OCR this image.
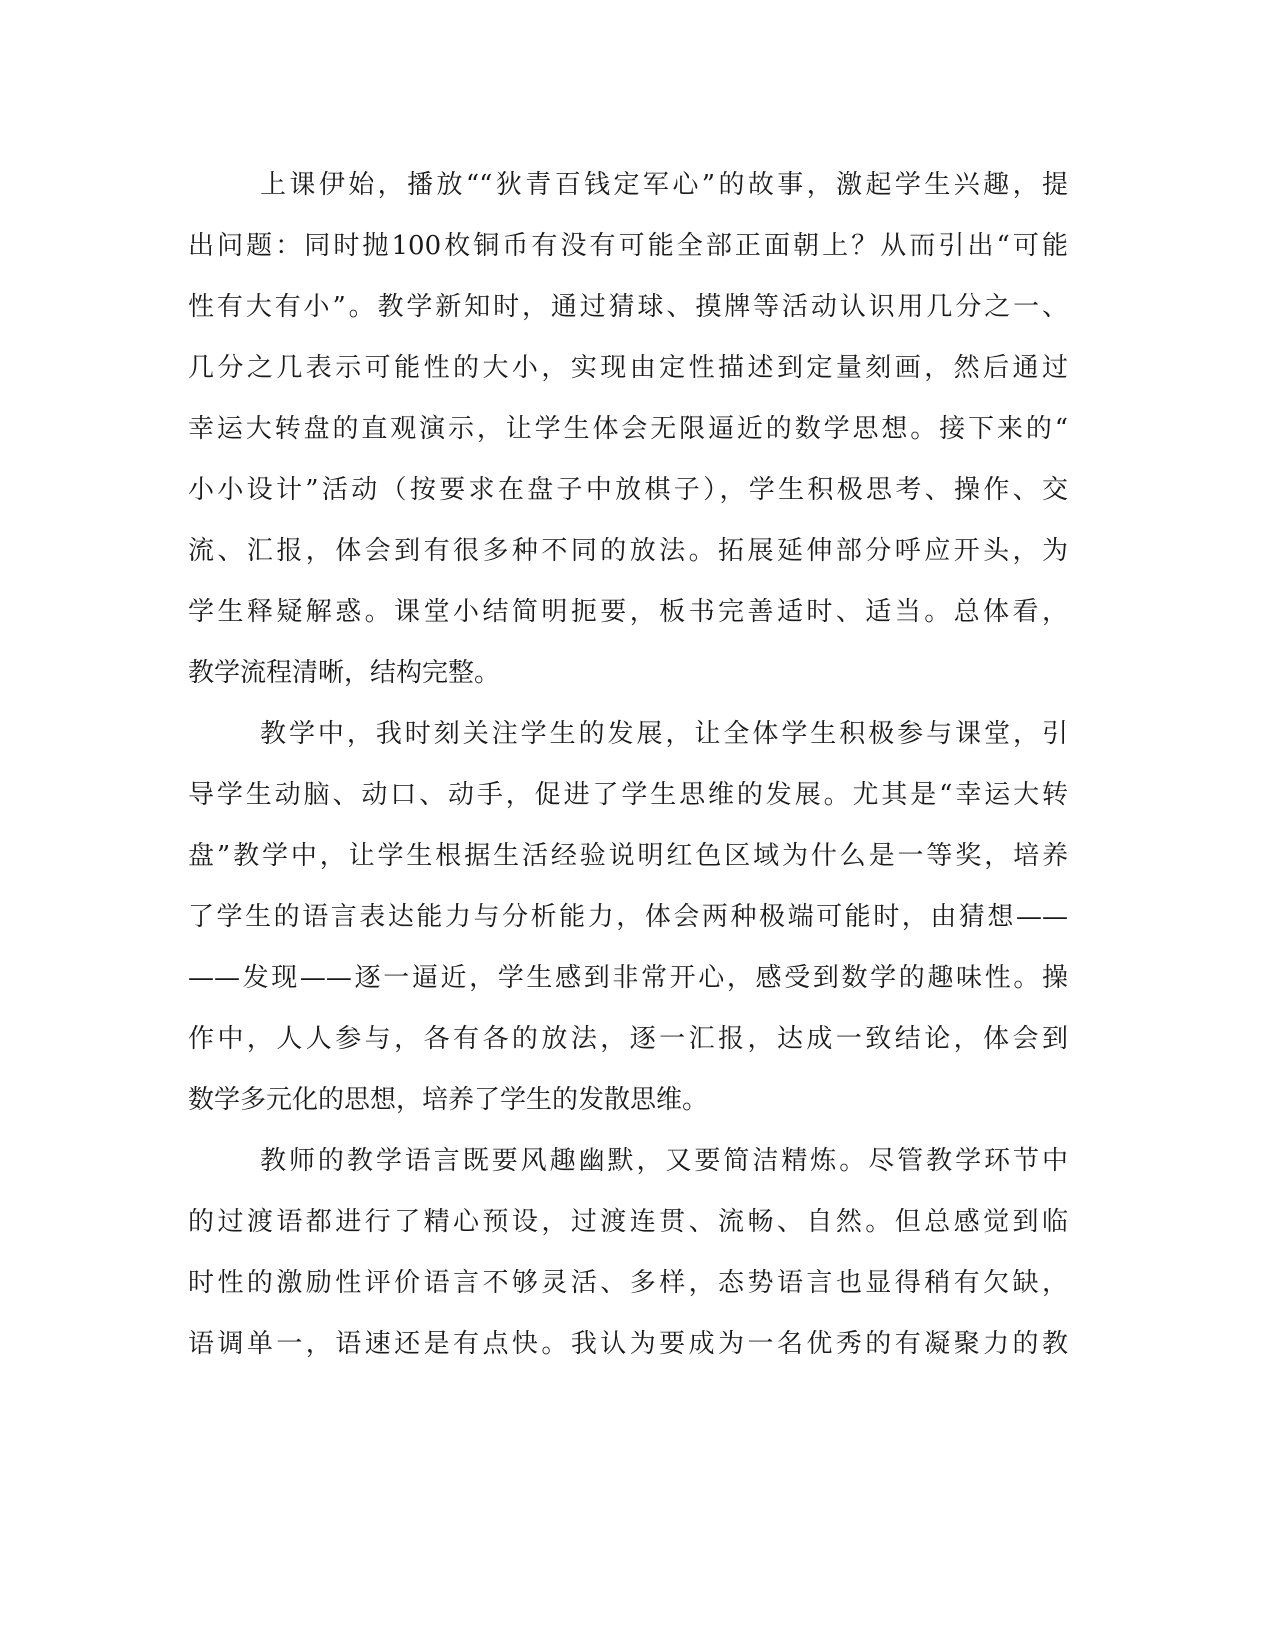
上课伊始，播放““狄青百钱定军心”的故事，激起学生兴趣，提
出问题：同时抛100枚铜币有没有可能全部正面朝上？从而引出“可能
性有大有小”。教学新知时，通过猜球、摸牌等活动认识用几分之一、
几分之几表示可能性的大小，实现由定性描述到定量刻画，然后通过
幸运大转盘的直观演示，让学生体会无限逼近的数学思想。接下来的“
小小设计”活动（按要求在盘子中放棋子），学生积极思考、操作、交
流、汇报，体会到有很多种不同的放法。拓展延伸部分呼应开头，为
学生释疑解惑。课堂小结简明扼要，板书完善适时、适当。总体看，
教学流程清晰，结构完整。
教学中，我时刻关注学生的发展，让全体学生积极参与课堂，引
导学生动脑、动口、动手，促进了学生思维的发展。尤其是“幸运大转
盘”教学中，让学生根据生活经验说明红色区域为什么是一等奖，培养
了学生的语言表达能力与分析能力，体会两种极端可能时，由猜想——
——发现——逐一逼近，学生感到非常开心，感受到数学的趣味性。操
作中，人人参与，各有各的放法，逐一汇报，达成一致结论，体会到
数学多元化的思想，培养了学生的发散思维。
教师的教学语言既要风趣幽默，又要简洁精炼。尽管教学环节中
的过渡语都进行了精心预设，过渡连贯、流畅、自然。但总感觉到临
时性的激励性评价语言不够灵活、多样，态势语言也显得稍有欠缺，
语调单一，语速还是有点快。我认为要成为一名优秀的有凝聚力的教
